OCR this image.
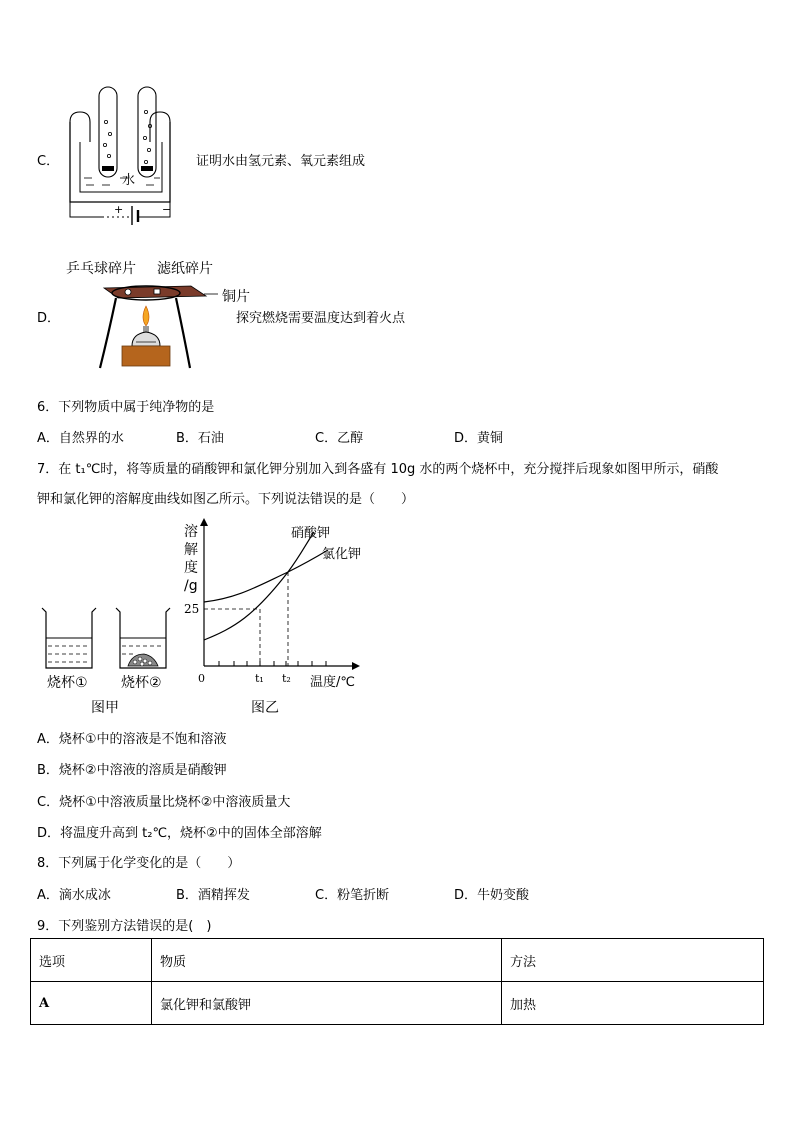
C．
水
+	−
证明水由氢元素、氧元素组成
乒乓球碎片 滤纸碎片
D．
铜片
探究燃烧需要温度达到着火点
6．下列物质中属于纯净物的是
A．自然界的水	B．石油	C．乙醇	D．黄铜
7．在 t₁℃时，将等质量的硝酸钾和氯化钾分别加入到各盛有 10g 水的两个烧杯中，充分搅拌后现象如图甲所示，硝酸
钾和氯化钾的溶解度曲线如图乙所示。下列说法错误的是（　　）
烧杯① 烧杯②
图甲
溶
解
度
/g
25
0	t₁ t₂ 温度/℃
硝酸钾
氯化钾
图乙
A．烧杯①中的溶液是不饱和溶液
B．烧杯②中溶液的溶质是硝酸钾
C．烧杯①中溶液质量比烧杯②中溶液质量大
D．将温度升高到 t₂℃，烧杯②中的固体全部溶解
8．下列属于化学变化的是（　　）
A．滴水成冰	B．酒精挥发	C．粉笔折断	D．牛奶变酸
9．下列鉴别方法错误的是(　)
选项	物质	方法
A	氯化钾和氯酸钾	加热
